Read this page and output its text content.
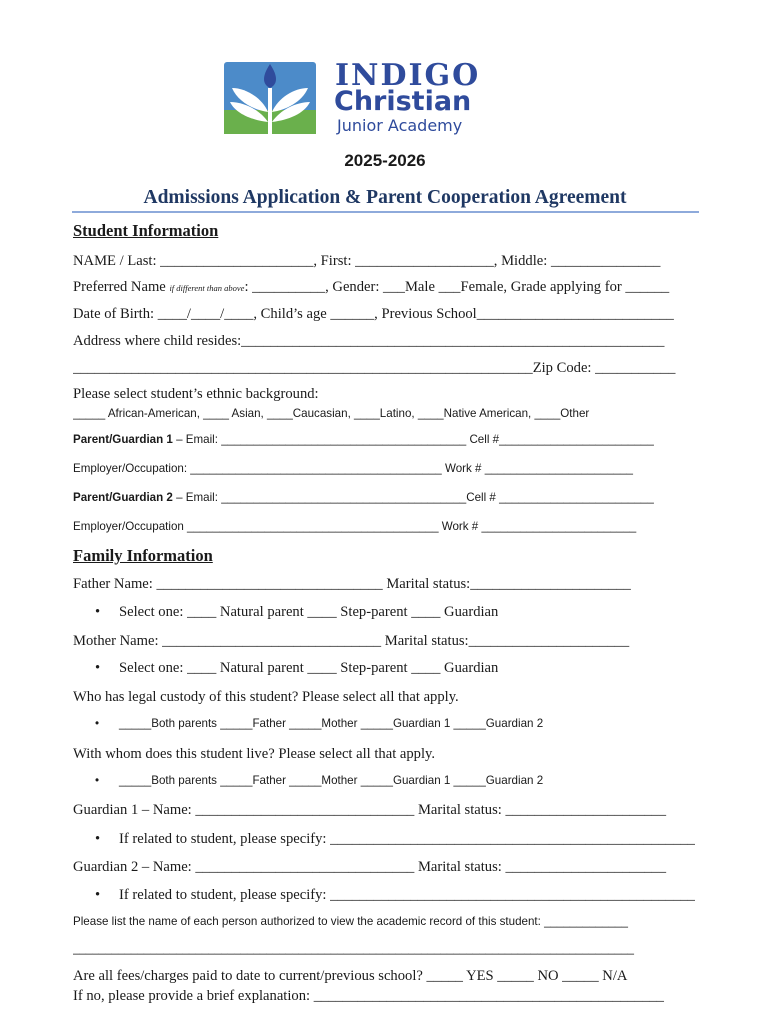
INDIGO
Christian
Junior Academy
2025-2026
Admissions Application & Parent Cooperation Agreement
Student Information
NAME / Last: _____________________, First: ___________________, Middle: _______________
Preferred Name if different than above: __________, Gender: ___Male ___Female, Grade applying for ______
Date of Birth: ____/____/____, Child’s age ______, Previous School___________________________
Address where child resides:__________________________________________________________
_______________________________________________________________Zip Code: ___________
Please select student’s ethnic background:
_____ African-American, ____ Asian, ____Caucasian, ____Latino, ____Native American, ____Other
Parent/Guardian 1 – Email: ______________________________________ Cell #________________________
Employer/Occupation: _______________________________________ Work # _______________________
Parent/Guardian 2 – Email: ______________________________________Cell # ________________________
Employer/Occupation _______________________________________ Work # ________________________
Family Information
Father Name: _______________________________ Marital status:______________________
• Select one: ____ Natural parent ____ Step-parent ____ Guardian
Mother Name: ______________________________ Marital status:______________________
• Select one: ____ Natural parent ____ Step-parent ____ Guardian
Who has legal custody of this student? Please select all that apply.
• _____Both parents _____Father _____Mother _____Guardian 1 _____Guardian 2
With whom does this student live? Please select all that apply.
• _____Both parents _____Father _____Mother _____Guardian 1 _____Guardian 2
Guardian 1 – Name: ______________________________ Marital status: ______________________
• If related to student, please specify: __________________________________________________
Guardian 2 – Name: ______________________________ Marital status: ______________________
• If related to student, please specify: __________________________________________________
Please list the name of each person authorized to view the academic record of this student: _____________
_______________________________________________________________________________________
Are all fees/charges paid to date to current/previous school? _____ YES _____ NO _____ N/A
If no, please provide a brief explanation: ________________________________________________
